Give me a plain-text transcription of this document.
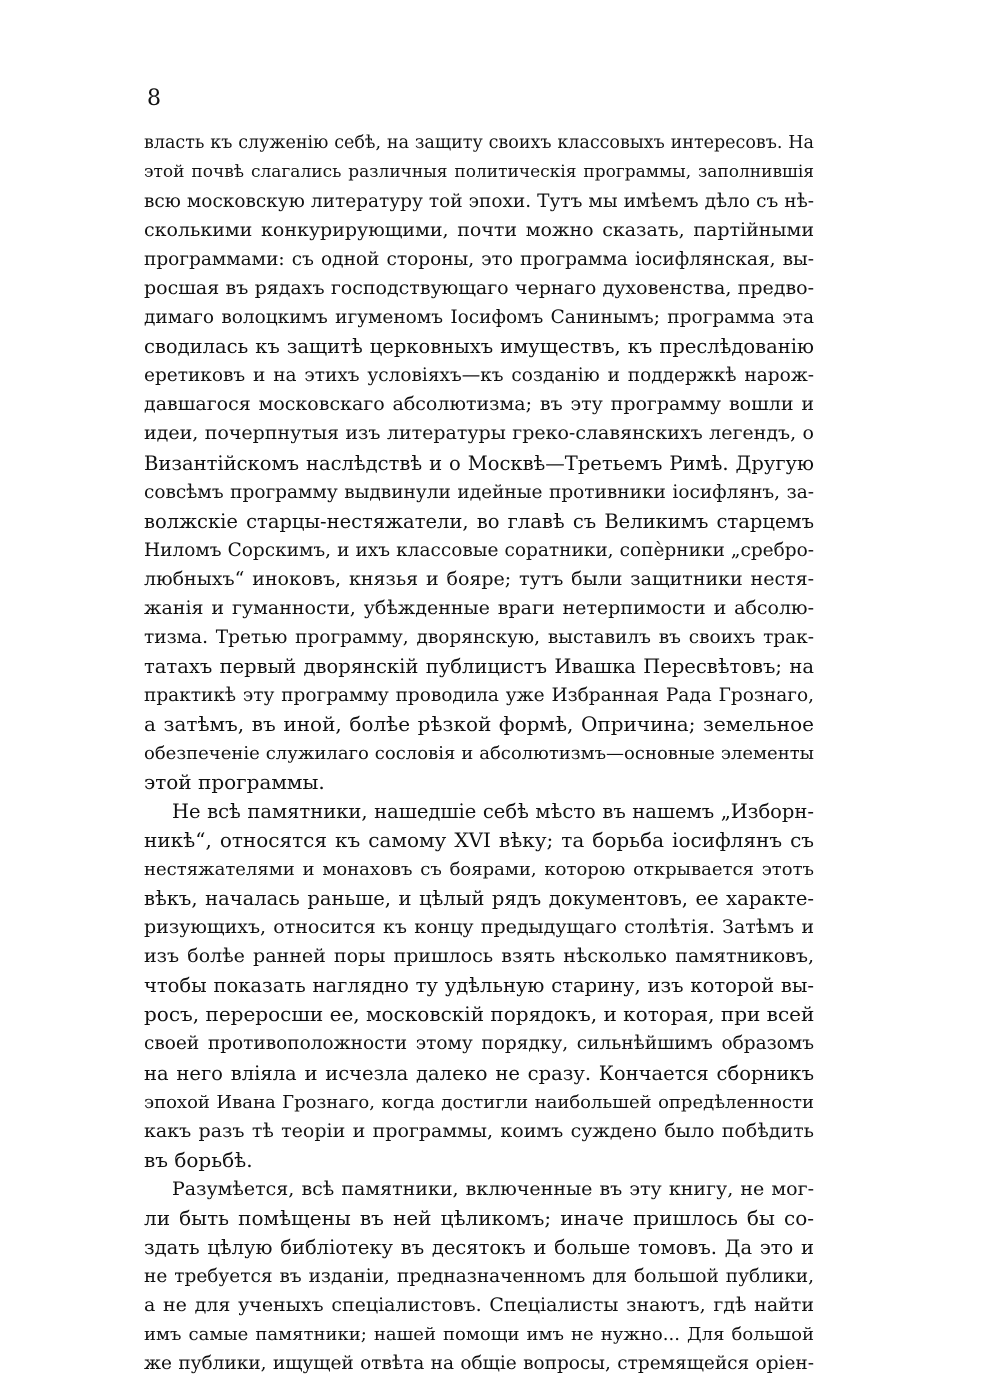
8
власть къ служенію себѣ, на защиту своихъ классовыхъ интересовъ. На
этой почвѣ слагались различныя политическія программы, заполнившія
всю московскую литературу той эпохи. Тутъ мы имѣемъ дѣло съ нѣ-
сколькими конкурирующими, почти можно сказать, партійными
программами: съ одной стороны, это программа іосифлянская, вы-
росшая въ рядахъ господствующаго чернаго духовенства, предво-
димаго волоцкимъ игуменомъ Іосифомъ Санинымъ; программа эта
сводилась къ защитѣ церковныхъ имуществъ, къ преслѣдованію
еретиковъ и на этихъ условіяхъ—къ созданію и поддержкѣ нарож-
давшагося московскаго абсолютизма; въ эту программу вошли и
идеи, почерпнутыя изъ литературы греко-славянскихъ легендъ, о
Византійскомъ наслѣдствѣ и о Москвѣ—Третьемъ Римѣ. Другую
совсѣмъ программу выдвинули идейные противники іосифлянъ, за-
волжскіе старцы-нестяжатели, во главѣ съ Великимъ старцемъ
Ниломъ Сорскимъ, и ихъ классовые соратники, сопѐрники „сребро-
любныхъ“ иноковъ, князья и бояре; тутъ были защитники нестя-
жанія и гуманности, убѣжденные враги нетерпимости и абсолю-
тизма. Третью программу, дворянскую, выставилъ въ своихъ трак-
татахъ первый дворянскій публицистъ Ивашка Пересвѣтовъ; на
практикѣ эту программу проводила уже Избранная Рада Грознаго,
а затѣмъ, въ иной, болѣе рѣзкой формѣ, Опричина; земельное
обезпеченіе служилаго сословія и абсолютизмъ—основные элементы
этой программы.
Не всѣ памятники, нашедшіе себѣ мѣсто въ нашемъ „Изборн-
никѣ“, относятся къ самому XVI вѣку; та борьба іосифлянъ съ
нестяжателями и монаховъ съ боярами, которою открывается этотъ
вѣкъ, началась раньше, и цѣлый рядъ документовъ, ее характе-
ризующихъ, относится къ концу предыдущаго столѣтія. Затѣмъ и
изъ болѣе ранней поры пришлось взять нѣсколько памятниковъ,
чтобы показать наглядно ту удѣльную старину, изъ которой вы-
росъ, переросши ее, московскій порядокъ, и которая, при всей
своей противоположности этому порядку, сильнѣйшимъ образомъ
на него вліяла и исчезла далеко не сразу. Кончается сборникъ
эпохой Ивана Грознаго, когда достигли наибольшей опредѣленности
какъ разъ тѣ теоріи и программы, коимъ суждено было побѣдить
въ борьбѣ.
Разумѣется, всѣ памятники, включенные въ эту книгу, не мог-
ли быть помѣщены въ ней цѣликомъ; иначе пришлось бы со-
здать цѣлую библіотеку въ десятокъ и больше томовъ. Да это и
не требуется въ изданіи, предназначенномъ для большой публики,
а не для ученыхъ спеціалистовъ. Спеціалисты знаютъ, гдѣ найти
имъ самые памятники; нашей помощи имъ не нужно... Для большой
же публики, ищущей отвѣта на общіе вопросы, стремящейся оріен-
